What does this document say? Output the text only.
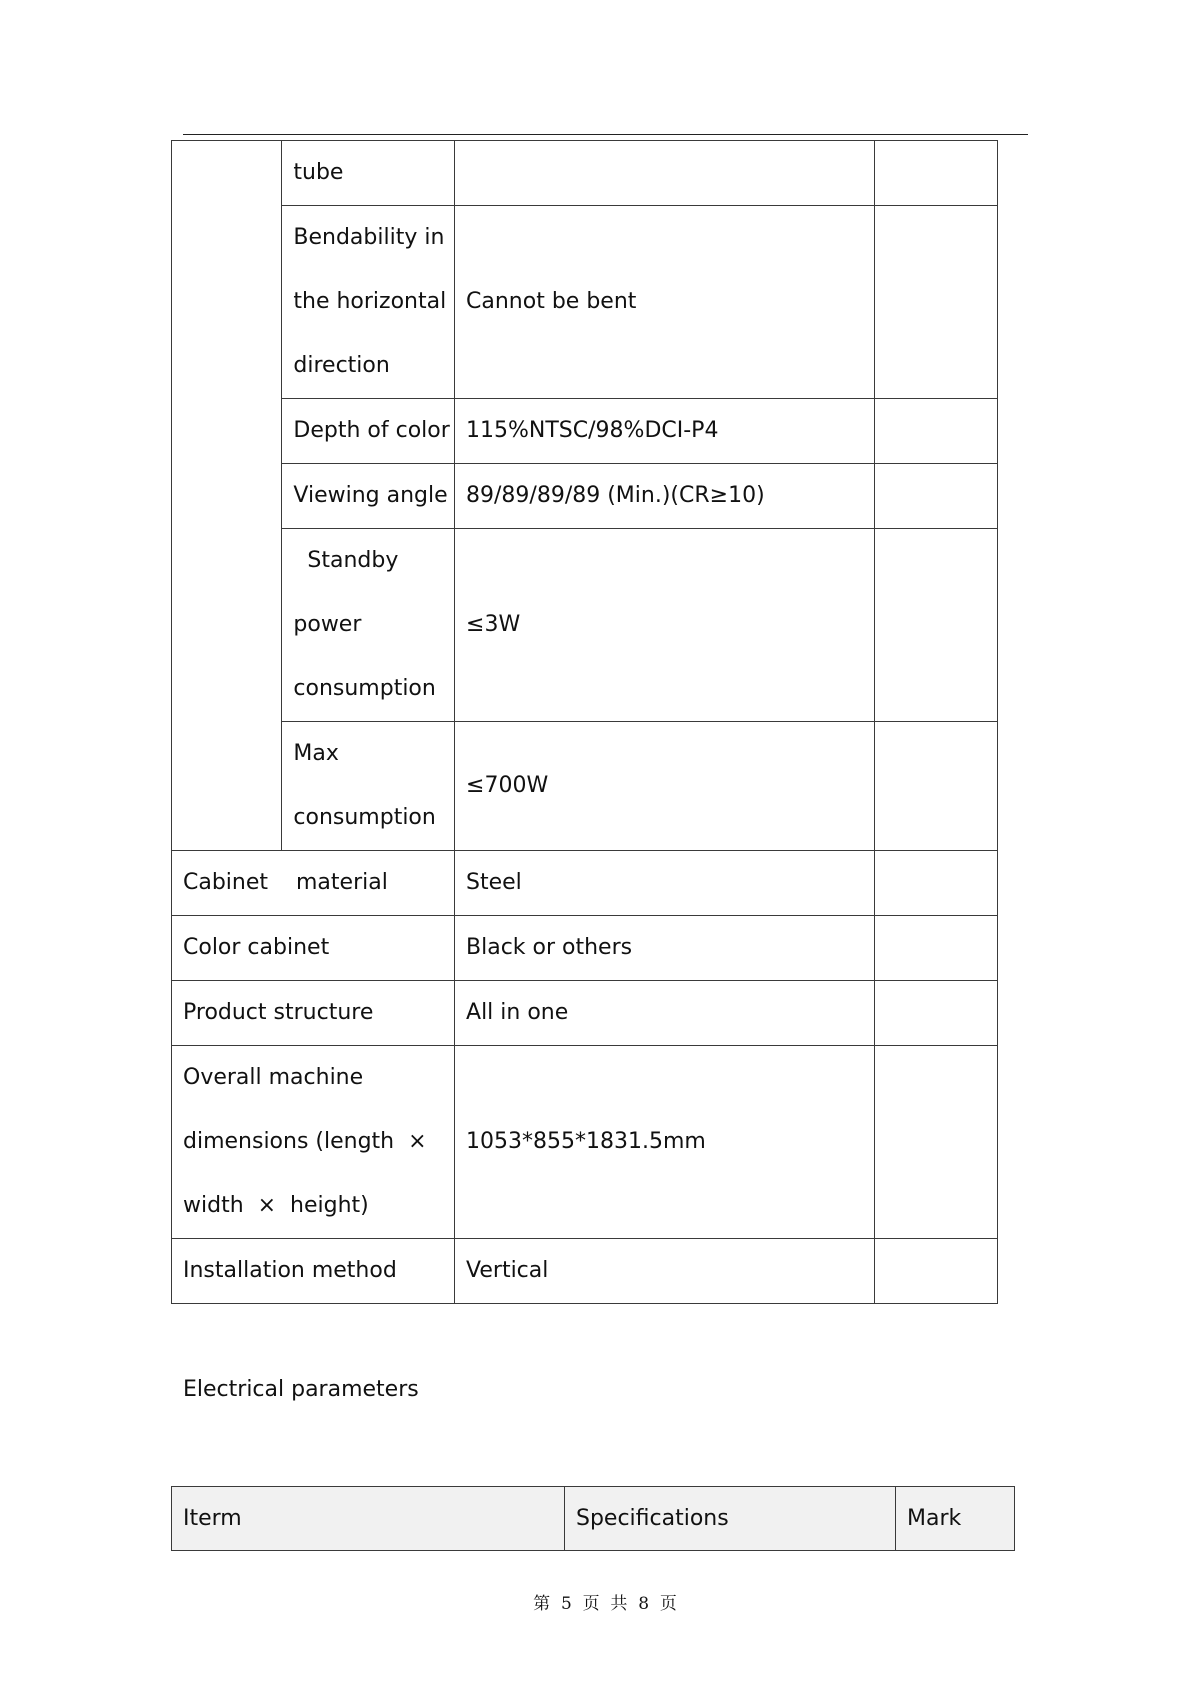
	tube		
	Bendability in
the horizontal
direction	Cannot be bent	
	Depth of color	115%NTSC/98%DCI-P4	
	Viewing angle	89/89/89/89 (Min.)(CR≥10)	
	Standby
power
consumption	≤3W	
	Max
consumption	≤700W	
Cabinet    material		Steel	
Color cabinet		Black or others	
Product structure		All in one	
Overall machine
dimensions (length  ×
width  ×  height)		1053*855*1831.5mm	
Installation method		Vertical	
Electrical parameters
Iterm	Specifications	Mark
第  5  页  共  8  页
